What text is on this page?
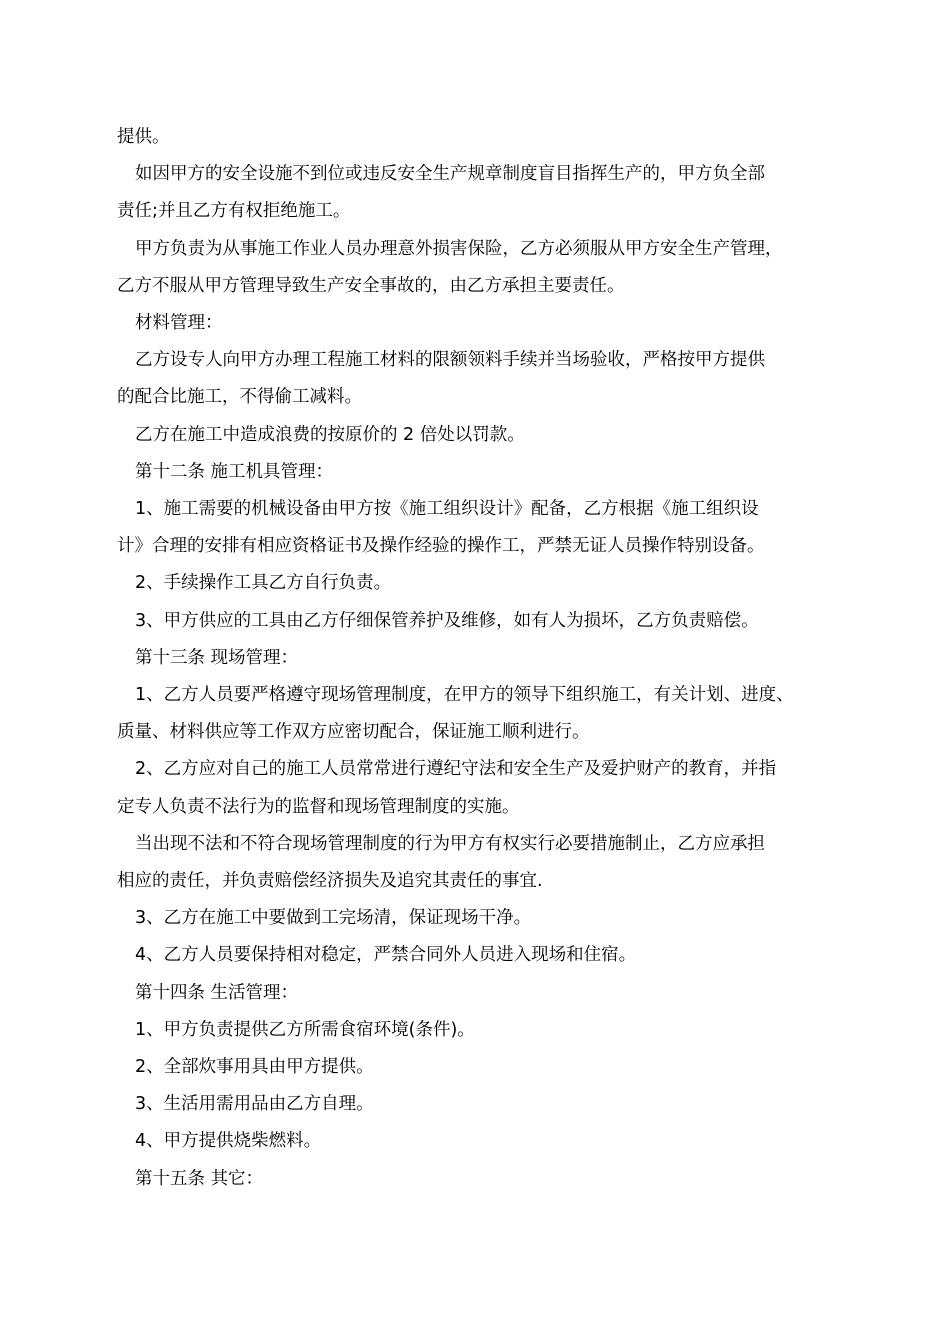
提供。

如因甲方的安全设施不到位或违反安全生产规章制度盲目指挥生产的，甲方负全部

责任;并且乙方有权拒绝施工。

甲方负责为从事施工作业人员办理意外损害保险，乙方必须服从甲方安全生产管理，

乙方不服从甲方管理导致生产安全事故的，由乙方承担主要责任。

材料管理：

乙方设专人向甲方办理工程施工材料的限额领料手续并当场验收，严格按甲方提供

的配合比施工，不得偷工减料。

乙方在施工中造成浪费的按原价的 2 倍处以罚款。

第十二条 施工机具管理：

1、施工需要的机械设备由甲方按《施工组织设计》配备，乙方根据《施工组织设

计》合理的安排有相应资格证书及操作经验的操作工，严禁无证人员操作特别设备。

2、手续操作工具乙方自行负责。

3、甲方供应的工具由乙方仔细保管养护及维修，如有人为损坏，乙方负责赔偿。

第十三条 现场管理：

1、乙方人员要严格遵守现场管理制度，在甲方的领导下组织施工，有关计划、进度、

质量、材料供应等工作双方应密切配合，保证施工顺利进行。

2、乙方应对自己的施工人员常常进行遵纪守法和安全生产及爱护财产的教育，并指

定专人负责不法行为的监督和现场管理制度的实施。

当出现不法和不符合现场管理制度的行为甲方有权实行必要措施制止，乙方应承担

相应的责任，并负责赔偿经济损失及追究其责任的事宜.

3、乙方在施工中要做到工完场清，保证现场干净。

4、乙方人员要保持相对稳定，严禁合同外人员进入现场和住宿。

第十四条 生活管理：

1、甲方负责提供乙方所需食宿环境(条件)。

2、全部炊事用具由甲方提供。

3、生活用需用品由乙方自理。

4、甲方提供烧柴燃料。

第十五条 其它：
